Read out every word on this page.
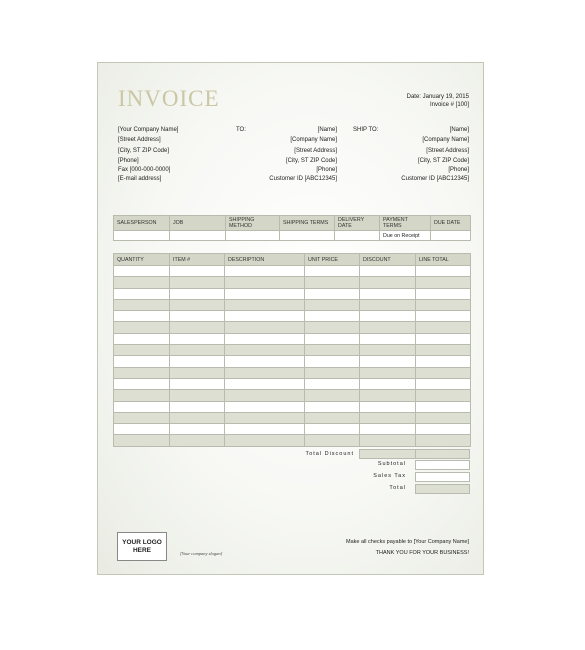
INVOICE	Date: January 19, 2015
Invoice # [100]
[Your Company Name]
[Street Address]
[City, ST ZIP Code]
[Phone]
Fax [000-000-0000]
[E-mail address]
TO:	[Name]
[Company Name]
[Street Address]
[City, ST ZIP Code]
[Phone]
Customer ID [ABC12345]
SHIP TO:	[Name]
[Company Name]
[Street Address]
[City, ST ZIP Code]
[Phone]
Customer ID [ABC12345]
SALESPERSON	JOB	SHIPPING METHOD	SHIPPING TERMS	DELIVERY DATE	PAYMENT TERMS	DUE DATE
					Due on Receipt	
QUANTITY	ITEM #	DESCRIPTION	UNIT PRICE	DISCOUNT	LINE TOTAL

Total Discount
Subtotal
Sales Tax
Total
YOUR LOGO
HERE	[Your company slogan]
Make all checks payable to [Your Company Name]
THANK YOU FOR YOUR BUSINESS!
